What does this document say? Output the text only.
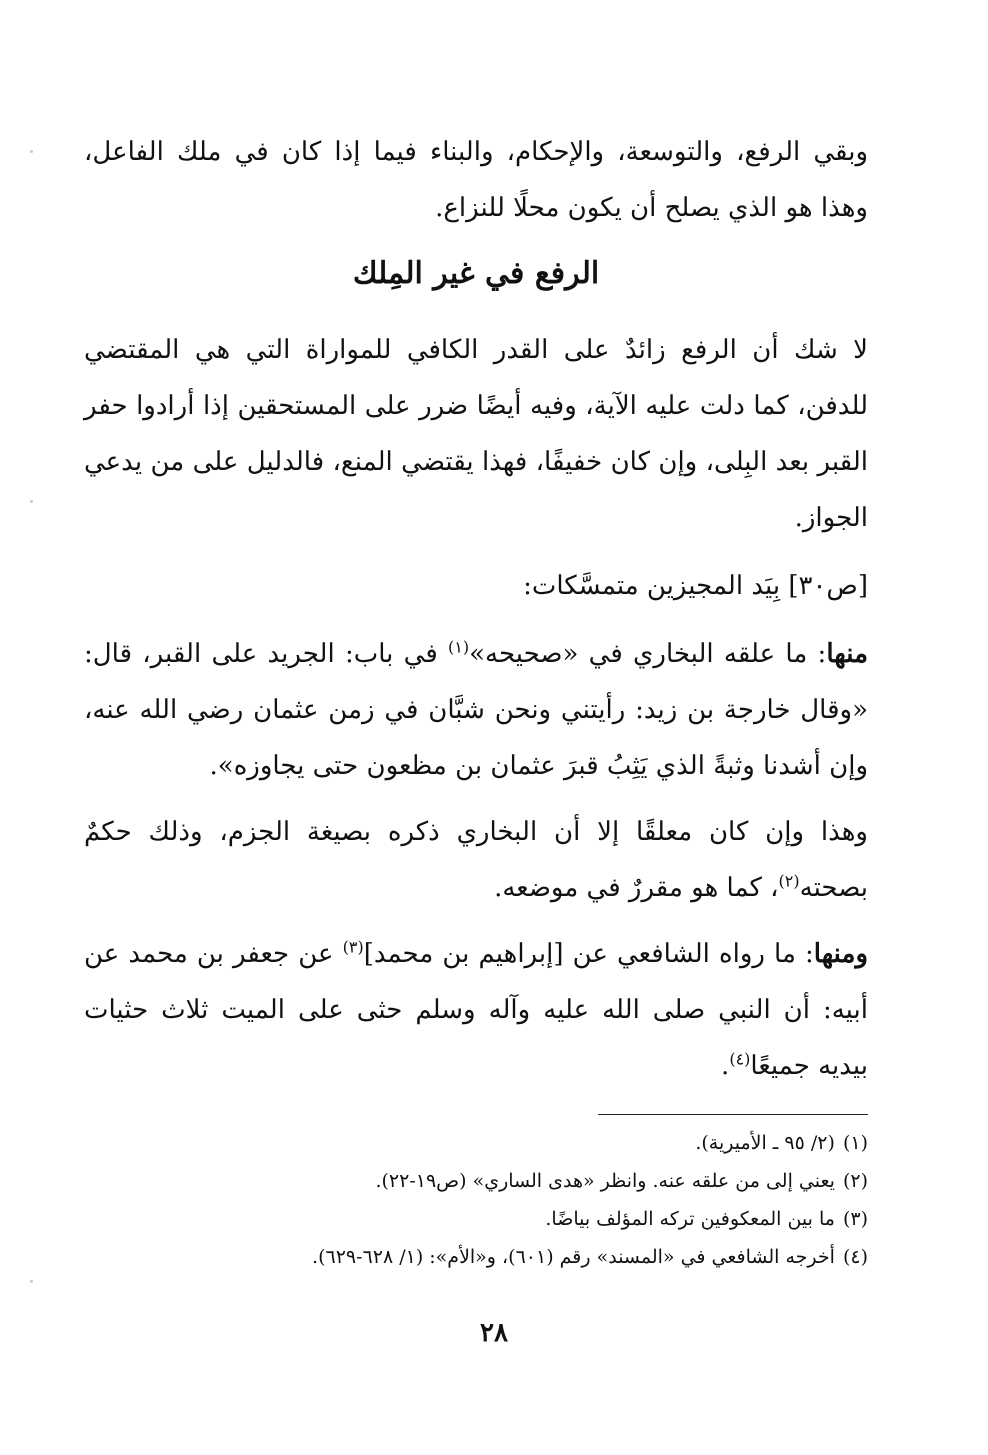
وبقي الرفع، والتوسعة، والإحكام، والبناء فيما إذا كان في ملك الفاعل، وهذا هو الذي يصلح أن يكون محلًا للنزاع.

الرفع في غير المِلك

لا شك أن الرفع زائدٌ على القدر الكافي للمواراة التي هي المقتضي للدفن، كما دلت عليه الآية، وفيه أيضًا ضرر على المستحقين إذا أرادوا حفر القبر بعد البِلى، وإن كان خفيفًا، فهذا يقتضي المنع، فالدليل على من يدعي الجواز.

[ص٣٠] بِيَد المجيزين متمسَّكات:

منها: ما علقه البخاري في «صحيحه»$^{(١)}$ في باب: الجريد على القبر، قال: «وقال خارجة بن زيد: رأيتني ونحن شبَّان في زمن عثمان رضي الله عنه، وإن أشدنا وثبةً الذي يَثِبُ قبرَ عثمان بن مظعون حتى يجاوزه».

وهذا وإن كان معلقًا إلا أن البخاري ذكره بصيغة الجزم، وذلك حكمٌ بصحته$^{(٢)}$، كما هو مقررٌ في موضعه.

ومنها: ما رواه الشافعي عن [إبراهيم بن محمد]$^{(٣)}$ عن جعفر بن محمد عن أبيه: أن النبي صلى الله عليه وآله وسلم حثى على الميت ثلاث حثيات بيديه جميعًا$^{(٤)}$.

(١)(٢/ ٩٥ ـ الأميرية).

(٢)يعني إلى من علقه عنه. وانظر «هدى الساري» (ص١٩-٢٢).

(٣)ما بين المعكوفين تركه المؤلف بياضًا.

(٤)أخرجه الشافعي في «المسند» رقم (٦٠١)، و«الأم»: (١/ ٦٢٨-٦٢٩).

٢٨
